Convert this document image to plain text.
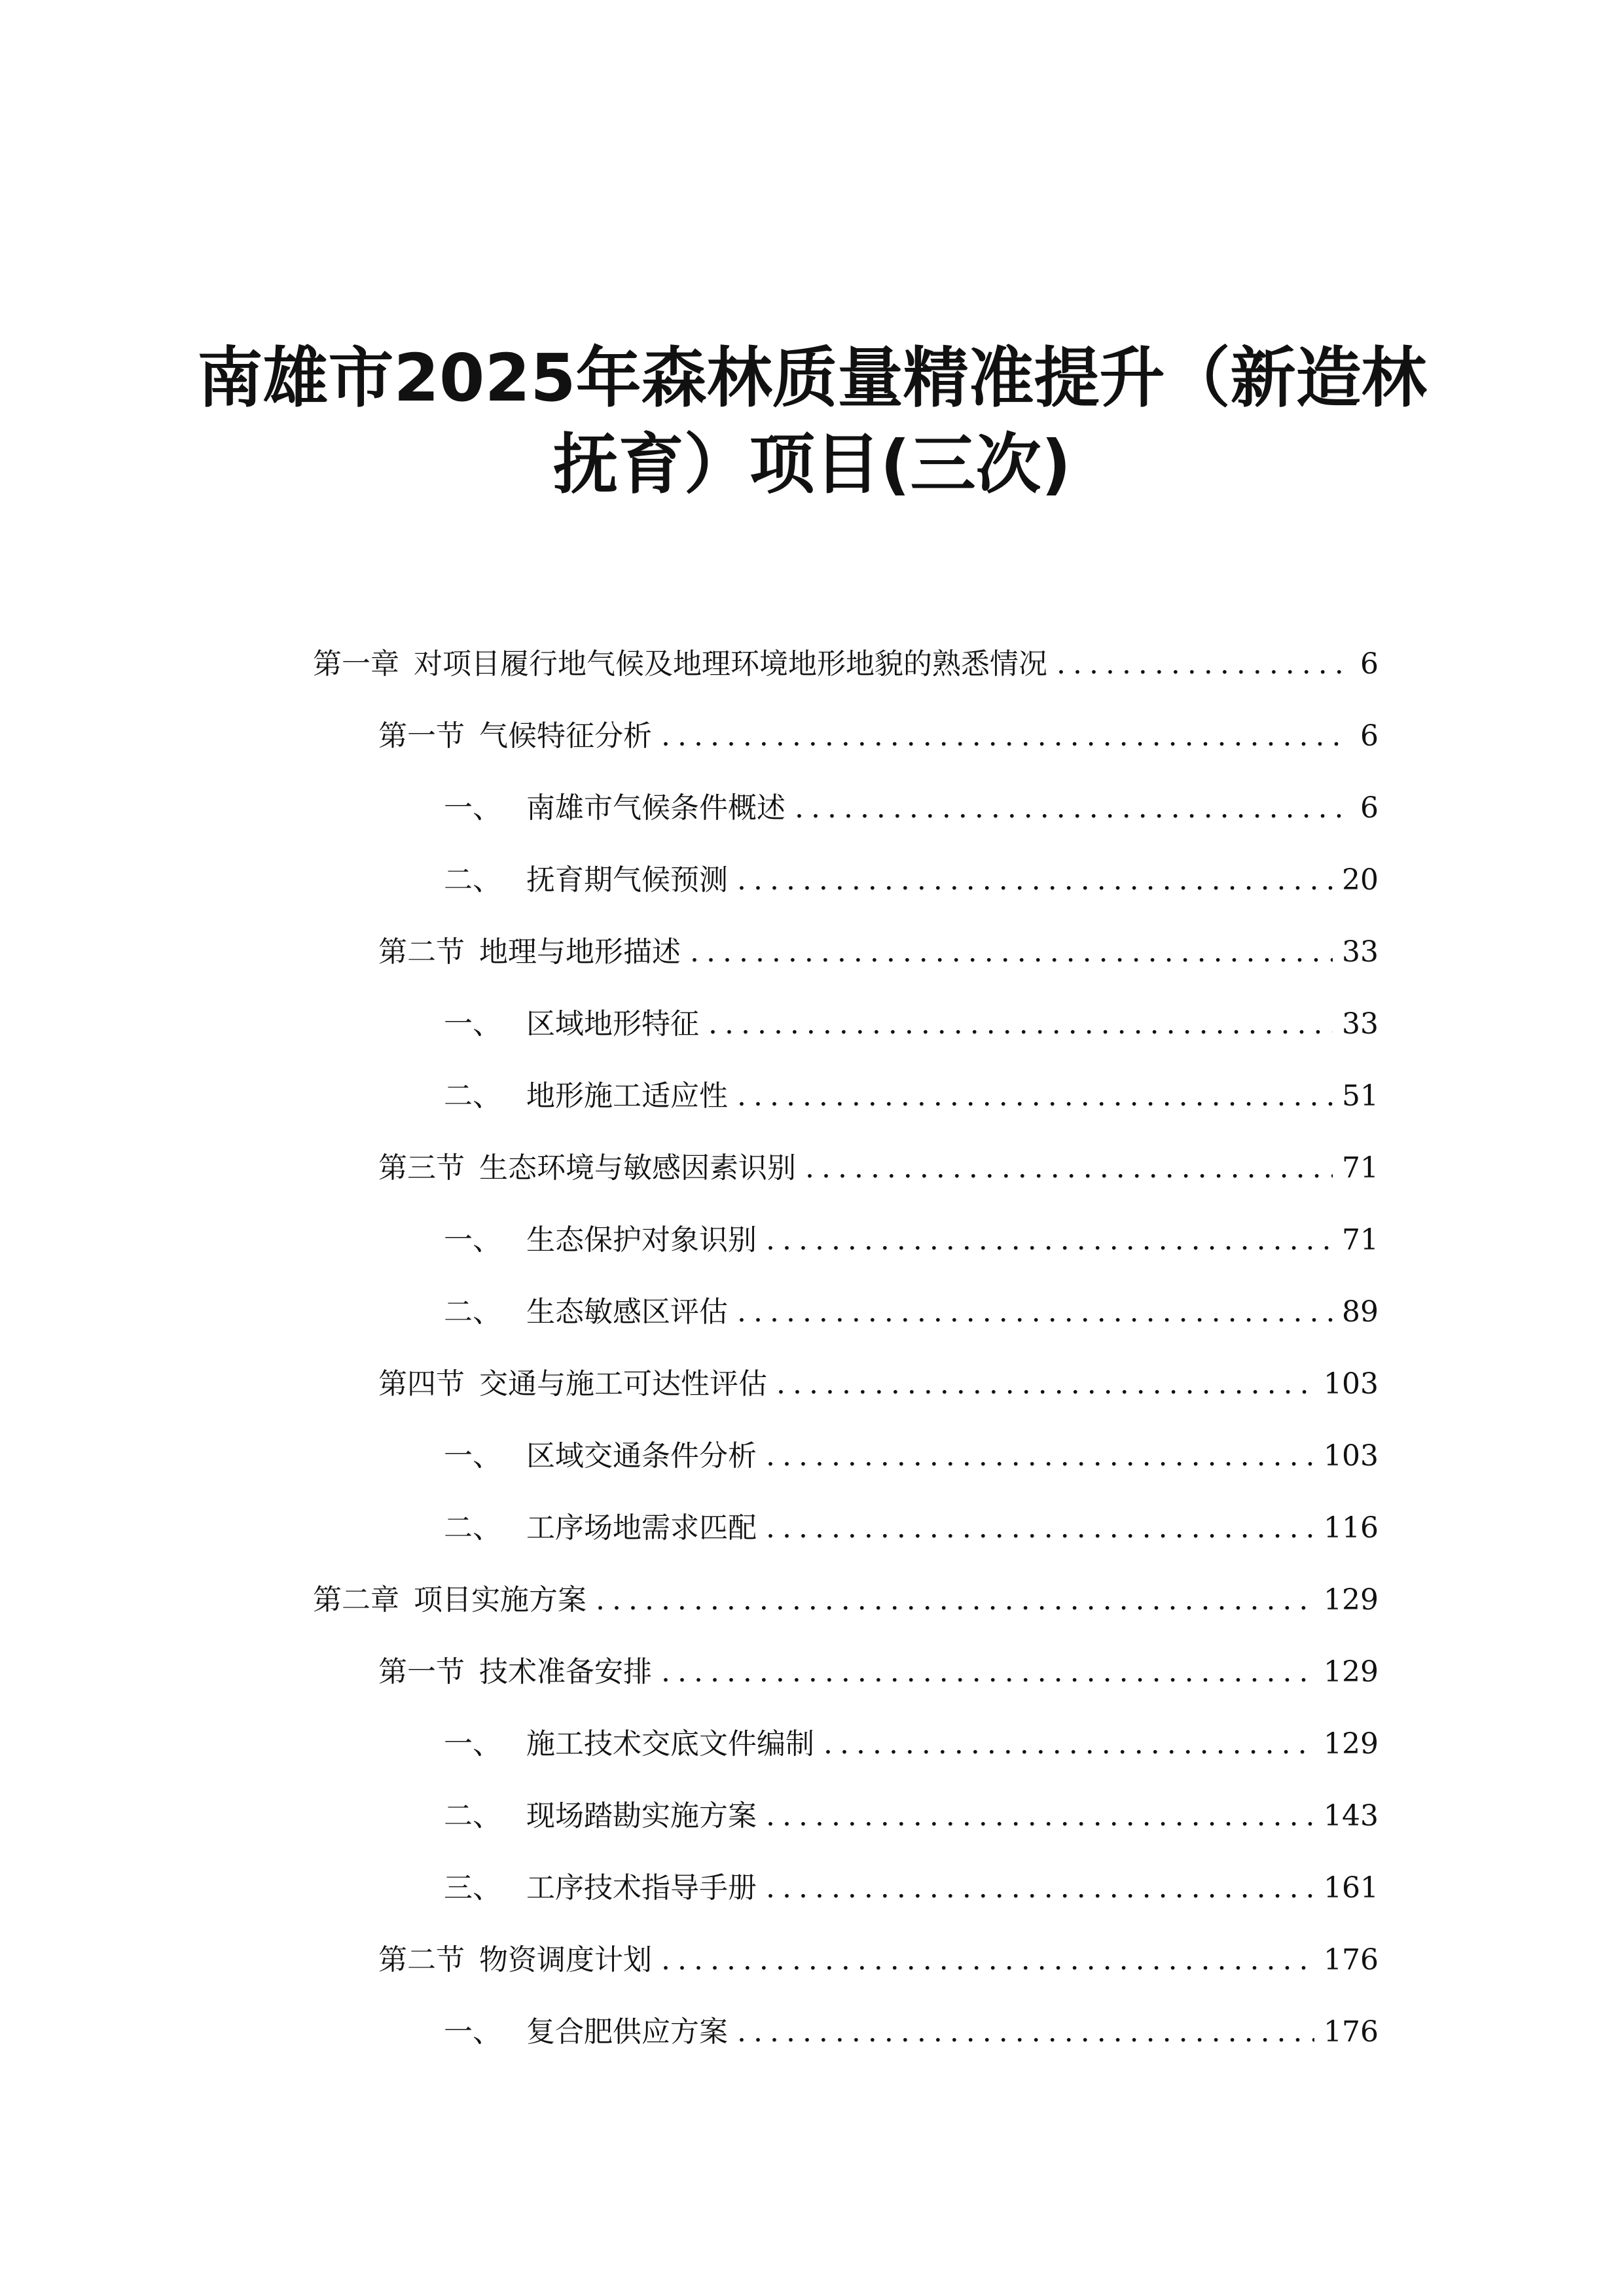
南雄市2025年森林质量精准提升（新造林
抚育）项目(三次)
第一章 对项目履行地气候及地理环境地形地貌的熟悉情况 .....	6
第一节 气候特征分析 .....	6
一、 南雄市气候条件概述 .....	6
二、 抚育期气候预测 .....	20
第二节 地理与地形描述 .....	33
一、 区域地形特征 .....	33
二、 地形施工适应性 .....	51
第三节 生态环境与敏感因素识别 .....	71
一、 生态保护对象识别 .....	71
二、 生态敏感区评估 .....	89
第四节 交通与施工可达性评估 .....	103
一、 区域交通条件分析 .....	103
二、 工序场地需求匹配 .....	116
第二章 项目实施方案 .....	129
第一节 技术准备安排 .....	129
一、 施工技术交底文件编制 .....	129
二、 现场踏勘实施方案 .....	143
三、 工序技术指导手册 .....	161
第二节 物资调度计划 .....	176
一、 复合肥供应方案 .....	176
